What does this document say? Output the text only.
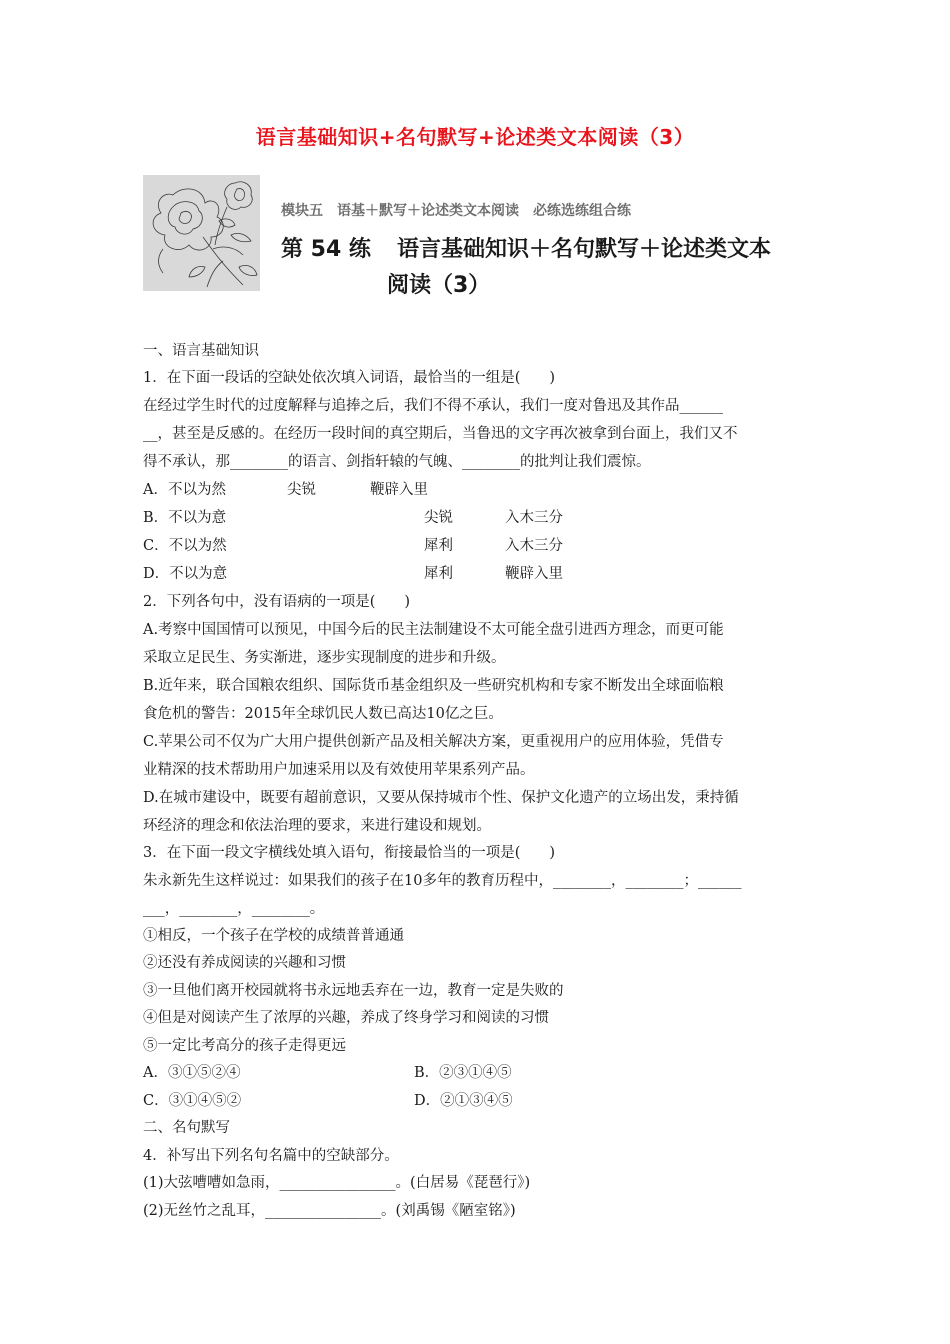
语言基础知识+名句默写+论述类文本阅读（3）
模块五　语基＋默写＋论述类文本阅读　必练选练组合练
第 54 练 语言基础知识＋名句默写＋论述类文本
阅读（3）
一、语言基础知识
1．在下面一段话的空缺处依次填入词语，最恰当的一组是(　　)
在经过学生时代的过度解释与追捧之后，我们不得不承认，我们一度对鲁迅及其作品______
__，甚至是反感的。在经历一段时间的真空期后，当鲁迅的文字再次被拿到台面上，我们又不
得不承认，那________的语言、剑指轩辕的气魄、________的批判让我们震惊。
A．不以为然	尖锐	鞭辟入里
B．不以为意	尖锐	入木三分
C．不以为然	犀利	入木三分
D．不以为意	犀利	鞭辟入里
2．下列各句中，没有语病的一项是(　　)
A.考察中国国情可以预见，中国今后的民主法制建设不太可能全盘引进西方理念，而更可能
采取立足民生、务实渐进，逐步实现制度的进步和升级。
B.近年来，联合国粮农组织、国际货币基金组织及一些研究机构和专家不断发出全球面临粮
食危机的警告：2015年全球饥民人数已高达10亿之巨。
C.苹果公司不仅为广大用户提供创新产品及相关解决方案，更重视用户的应用体验，凭借专
业精深的技术帮助用户加速采用以及有效使用苹果系列产品。
D.在城市建设中，既要有超前意识，又要从保持城市个性、保护文化遗产的立场出发，秉持循
环经济的理念和依法治理的要求，来进行建设和规划。
3．在下面一段文字横线处填入语句，衔接最恰当的一项是(　　)
朱永新先生这样说过：如果我们的孩子在10多年的教育历程中，________，________；______
___，________，________。
①相反，一个孩子在学校的成绩普普通通
②还没有养成阅读的兴趣和习惯
③一旦他们离开校园就将书永远地丢弃在一边，教育一定是失败的
④但是对阅读产生了浓厚的兴趣，养成了终身学习和阅读的习惯
⑤一定比考高分的孩子走得更远
A．③①⑤②④	B．②③①④⑤
C．③①④⑤②	D．②①③④⑤
二、名句默写
4．补写出下列名句名篇中的空缺部分。
(1)大弦嘈嘈如急雨，________________。(白居易《琵琶行》)
(2)无丝竹之乱耳，________________。(刘禹锡《陋室铭》)
